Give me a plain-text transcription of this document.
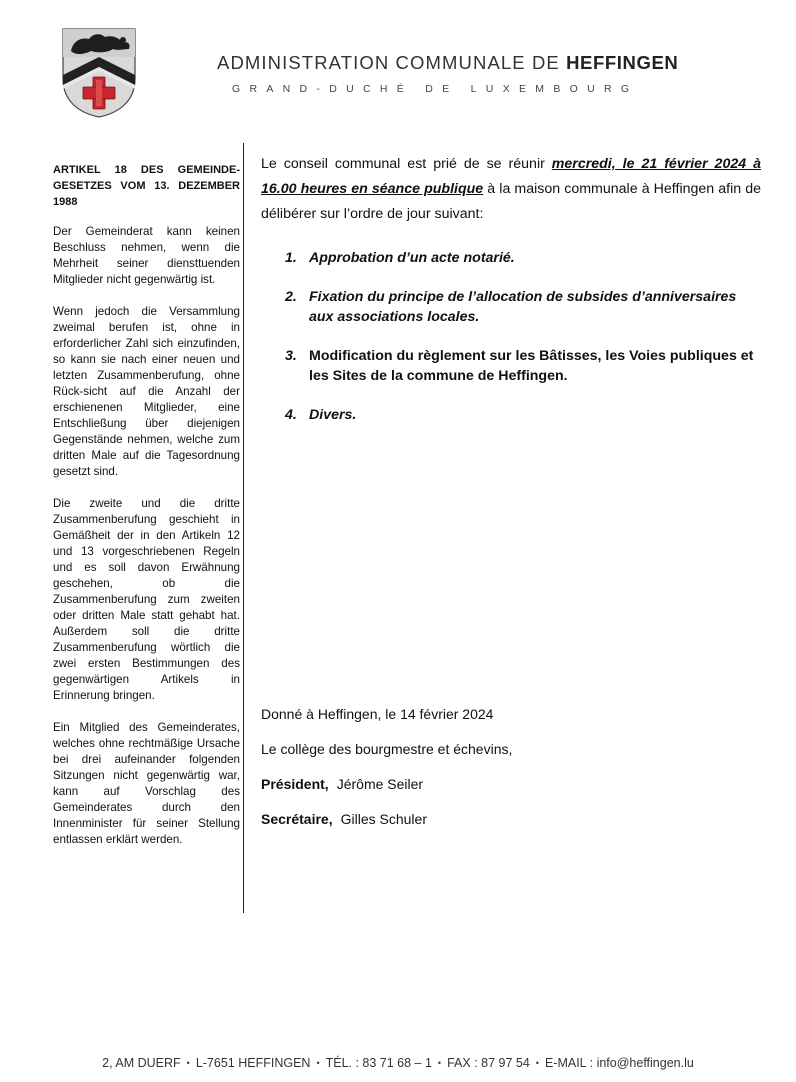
ADMINISTRATION COMMUNALE DE HEFFINGEN
GRAND-DUCHÉ DE LUXEMBOURG

ARTIKEL 18 DES GEMEINDE-GESETZES VOM 13. DEZEMBER 1988

Der Gemeinderat kann keinen Beschluss nehmen, wenn die Mehrheit seiner diensttuenden Mitglieder nicht gegenwärtig ist.

Wenn jedoch die Versammlung zweimal berufen ist, ohne in erforderlicher Zahl sich einzufinden, so kann sie nach einer neuen und letzten Zusammenberufung, ohne Rück-sicht auf die Anzahl der erschienenen Mitglieder, eine Entschließung über diejenigen Gegenstände nehmen, welche zum dritten Male auf die Tagesordnung gesetzt sind.

Die zweite und die dritte Zusammenberufung geschieht in Gemäßheit der in den Artikeln 12 und 13 vorgeschriebenen Regeln und es soll davon Erwähnung geschehen, ob die Zusammenberufung zum zweiten oder dritten Male statt gehabt hat. Außerdem soll die dritte Zusammenberufung wörtlich die zwei ersten Bestimmungen des gegenwärtigen Artikels in Erinnerung bringen.

Ein Mitglied des Gemeinderates, welches ohne rechtmäßige Ursache bei drei aufeinander folgenden Sitzungen nicht gegenwärtig war, kann auf Vorschlag des Gemeinderates durch den Innenminister für seiner Stellung entlassen erklärt werden.

Le conseil communal est prié de se réunir mercredi, le 21 février 2024 à 16.00 heures en séance publique à la maison communale à Heffingen afin de délibérer sur l’ordre de jour suivant:

1. Approbation d’un acte notarié.
2. Fixation du principe de l’allocation de subsides d’anniversaires aux associations locales.
3. Modification du règlement sur les Bâtisses, les Voies publiques et les Sites de la commune de Heffingen.
4. Divers.
Donné à Heffingen, le 14 février 2024
Le collège des bourgmestre et échevins,
Président, Jérôme Seiler
Secrétaire, Gilles Schuler
2, AM DUERF • L-7651 HEFFINGEN • TÉL. : 83 71 68 – 1 • FAX : 87 97 54 • E-MAIL : info@heffingen.lu
